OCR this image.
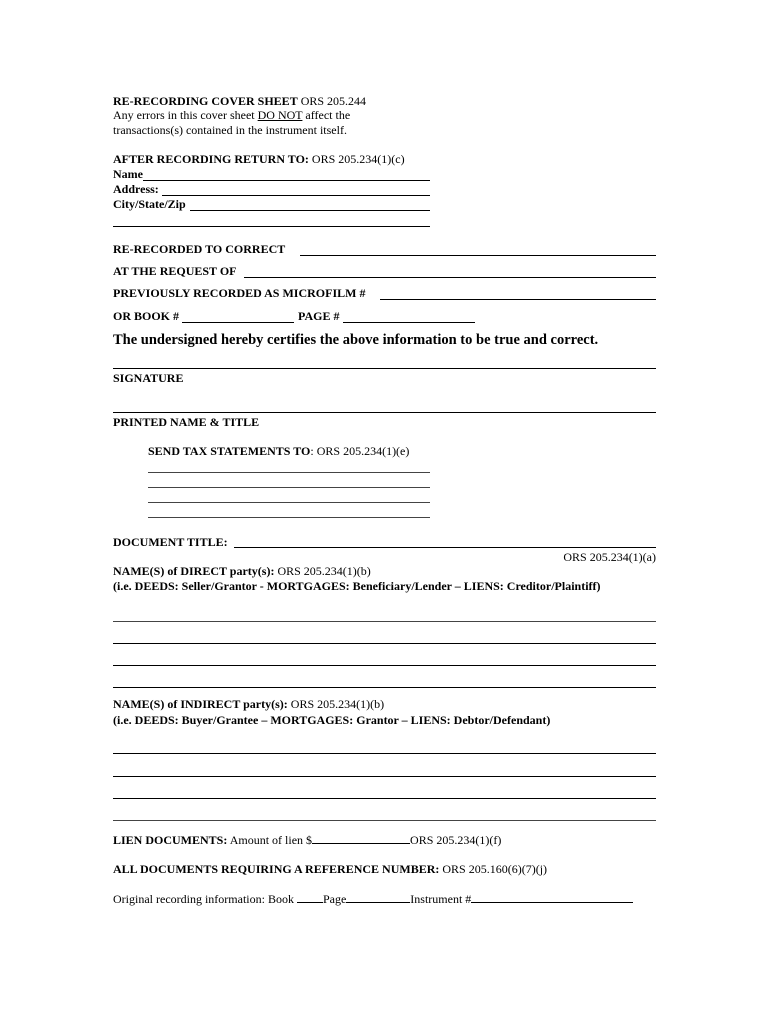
RE-RECORDING COVER SHEET ORS 205.244
Any errors in this cover sheet DO NOT affect the
transactions(s) contained in the instrument itself.
AFTER RECORDING RETURN TO: ORS 205.234(1)(c)
Name
Address:
City/State/Zip
RE-RECORDED TO CORRECT
AT THE REQUEST OF
PREVIOUSLY RECORDED AS MICROFILM #
OR BOOK #	PAGE #
The undersigned hereby certifies the above information to be true and correct.
SIGNATURE
PRINTED NAME & TITLE
SEND TAX STATEMENTS TO: ORS 205.234(1)(e)
DOCUMENT TITLE:
ORS 205.234(1)(a)
NAME(S) of DIRECT party(s): ORS 205.234(1)(b)
(i.e. DEEDS: Seller/Grantor - MORTGAGES: Beneficiary/Lender – LIENS: Creditor/Plaintiff)
NAME(S) of INDIRECT party(s): ORS 205.234(1)(b)
(i.e. DEEDS: Buyer/Grantee – MORTGAGES: Grantor – LIENS: Debtor/Defendant)
LIEN DOCUMENTS: Amount of lien $	ORS 205.234(1)(f)
ALL DOCUMENTS REQUIRING A REFERENCE NUMBER: ORS 205.160(6)(7)(j)
Original recording information: Book Page	Instrument #
